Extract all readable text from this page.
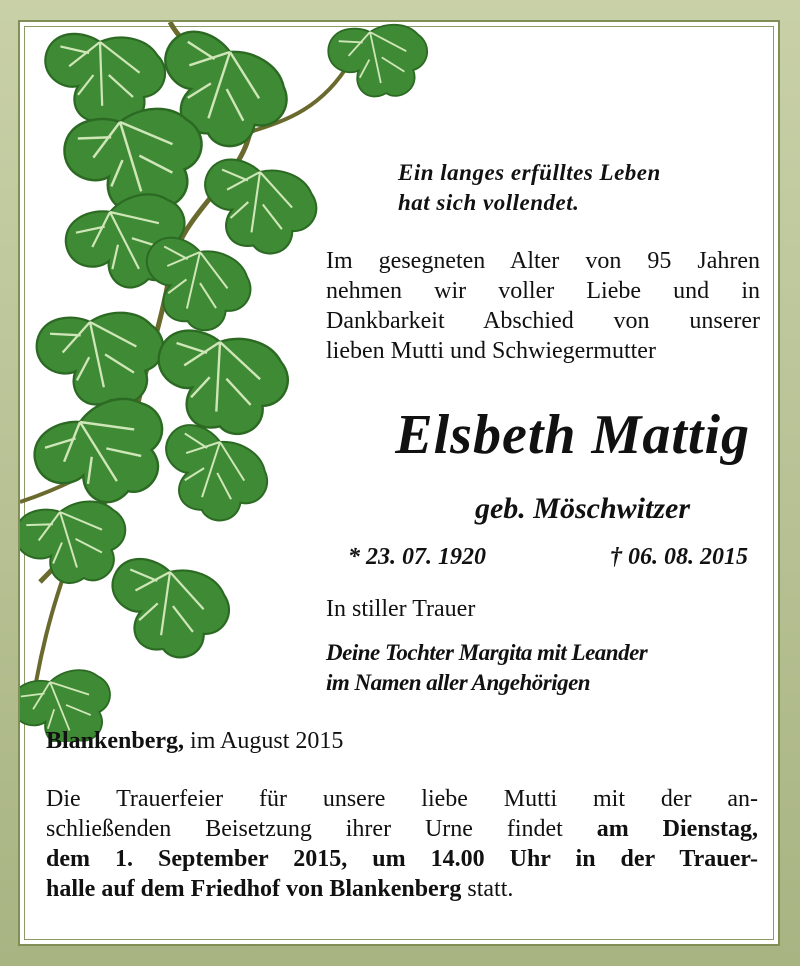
Ein langes erfülltes Leben
hat sich vollendet.
Im gesegneten Alter von 95 Jahren
nehmen wir voller Liebe und in
Dankbarkeit Abschied von unserer
lieben Mutti und Schwiegermutter
Elsbeth Mattig
geb. Möschwitzer
* 23. 07. 1920	† 06. 08. 2015
In stiller Trauer
Deine Tochter Margita mit Leander
im Namen aller Angehörigen
Blankenberg, im August 2015
Die Trauerfeier für unsere liebe Mutti mit der an-
schließenden Beisetzung ihrer Urne findet am Dienstag,
dem 1. September 2015, um 14.00 Uhr in der Trauer-
halle auf dem Friedhof von Blankenberg statt.
